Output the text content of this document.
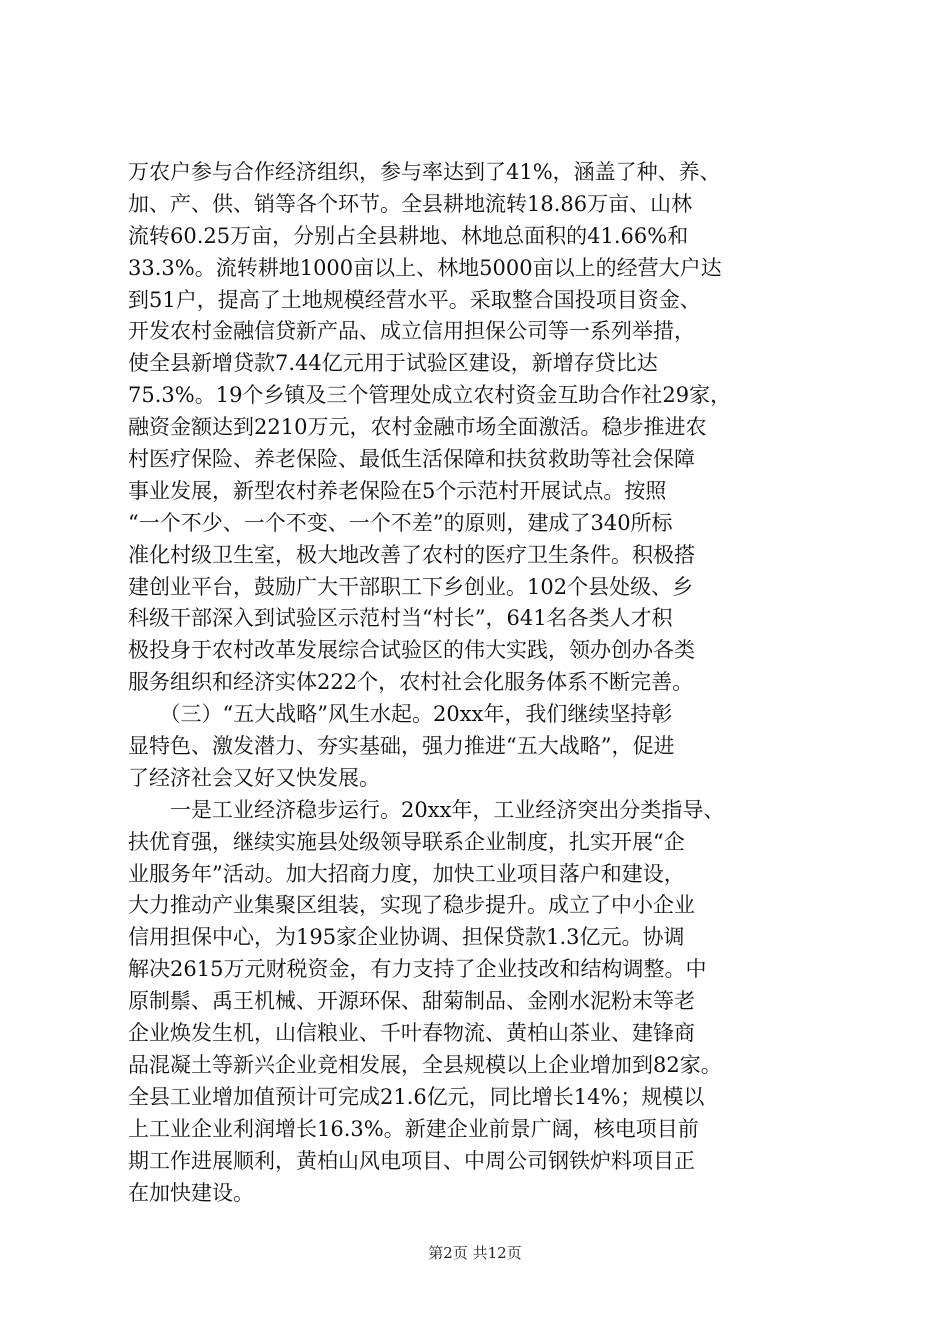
万农户参与合作经济组织，参与率达到了41%，涵盖了种、养、
加、产、供、销等各个环节。全县耕地流转18.86万亩、山林
流转60.25万亩，分别占全县耕地、林地总面积的41.66%和
33.3%。流转耕地1000亩以上、林地5000亩以上的经营大户达
到51户，提高了土地规模经营水平。采取整合国投项目资金、
开发农村金融信贷新产品、成立信用担保公司等一系列举措，
使全县新增贷款7.44亿元用于试验区建设，新增存贷比达
75.3%。19个乡镇及三个管理处成立农村资金互助合作社29家，
融资金额达到2210万元，农村金融市场全面激活。稳步推进农
村医疗保险、养老保险、最低生活保障和扶贫救助等社会保障
事业发展，新型农村养老保险在5个示范村开展试点。按照
“一个不少、一个不变、一个不差”的原则，建成了340所标
准化村级卫生室，极大地改善了农村的医疗卫生条件。积极搭
建创业平台，鼓励广大干部职工下乡创业。102个县处级、乡
科级干部深入到试验区示范村当“村长”，641名各类人才积
极投身于农村改革发展综合试验区的伟大实践，领办创办各类
服务组织和经济实体222个，农村社会化服务体系不断完善。
　　（三）“五大战略”风生水起。20xx年，我们继续坚持彰
显特色、激发潜力、夯实基础，强力推进“五大战略”，促进
了经济社会又好又快发展。
　　一是工业经济稳步运行。20xx年，工业经济突出分类指导、
扶优育强，继续实施县处级领导联系企业制度，扎实开展“企
业服务年”活动。加大招商力度，加快工业项目落户和建设，
大力推动产业集聚区组装，实现了稳步提升。成立了中小企业
信用担保中心，为195家企业协调、担保贷款1.3亿元。协调
解决2615万元财税资金，有力支持了企业技改和结构调整。中
原制鬃、禹王机械、开源环保、甜菊制品、金刚水泥粉末等老
企业焕发生机，山信粮业、千叶春物流、黄柏山茶业、建锋商
品混凝土等新兴企业竞相发展，全县规模以上企业增加到82家。
全县工业增加值预计可完成21.6亿元，同比增长14%；规模以
上工业企业利润增长16.3%。新建企业前景广阔，核电项目前
期工作进展顺利，黄柏山风电项目、中周公司钢铁炉料项目正
在加快建设。
第2页 共12页
